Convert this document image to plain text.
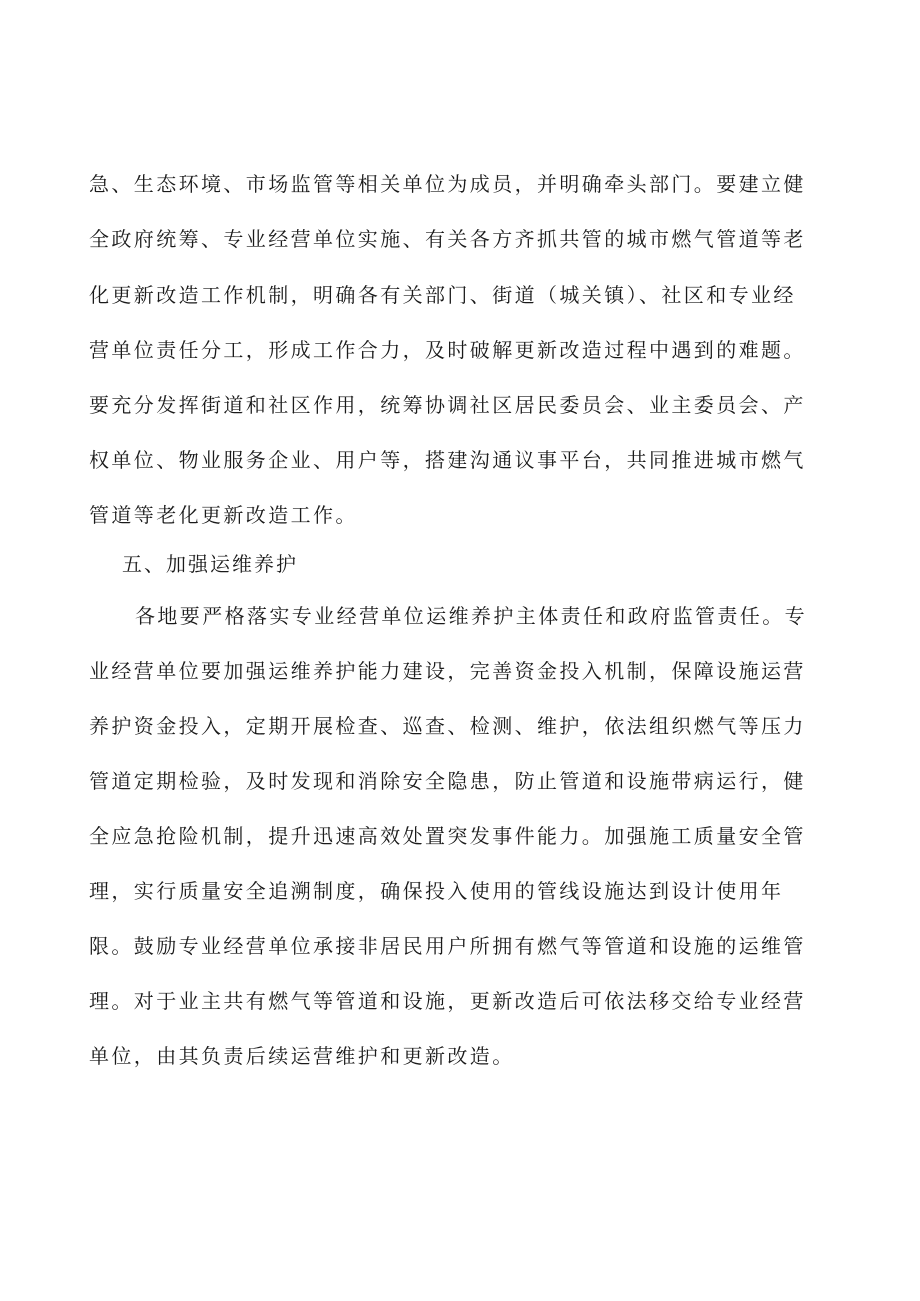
急、生态环境、市场监管等相关单位为成员，并明确牵头部门。要建立健
全政府统筹、专业经营单位实施、有关各方齐抓共管的城市燃气管道等老
化更新改造工作机制，明确各有关部门、街道（城关镇）、社区和专业经
营单位责任分工，形成工作合力，及时破解更新改造过程中遇到的难题。
要充分发挥街道和社区作用，统筹协调社区居民委员会、业主委员会、产
权单位、物业服务企业、用户等，搭建沟通议事平台，共同推进城市燃气
管道等老化更新改造工作。
五、加强运维养护
各地要严格落实专业经营单位运维养护主体责任和政府监管责任。专
业经营单位要加强运维养护能力建设，完善资金投入机制，保障设施运营
养护资金投入，定期开展检查、巡查、检测、维护，依法组织燃气等压力
管道定期检验，及时发现和消除安全隐患，防止管道和设施带病运行，健
全应急抢险机制，提升迅速高效处置突发事件能力。加强施工质量安全管
理，实行质量安全追溯制度，确保投入使用的管线设施达到设计使用年
限。鼓励专业经营单位承接非居民用户所拥有燃气等管道和设施的运维管
理。对于业主共有燃气等管道和设施，更新改造后可依法移交给专业经营
单位，由其负责后续运营维护和更新改造。
